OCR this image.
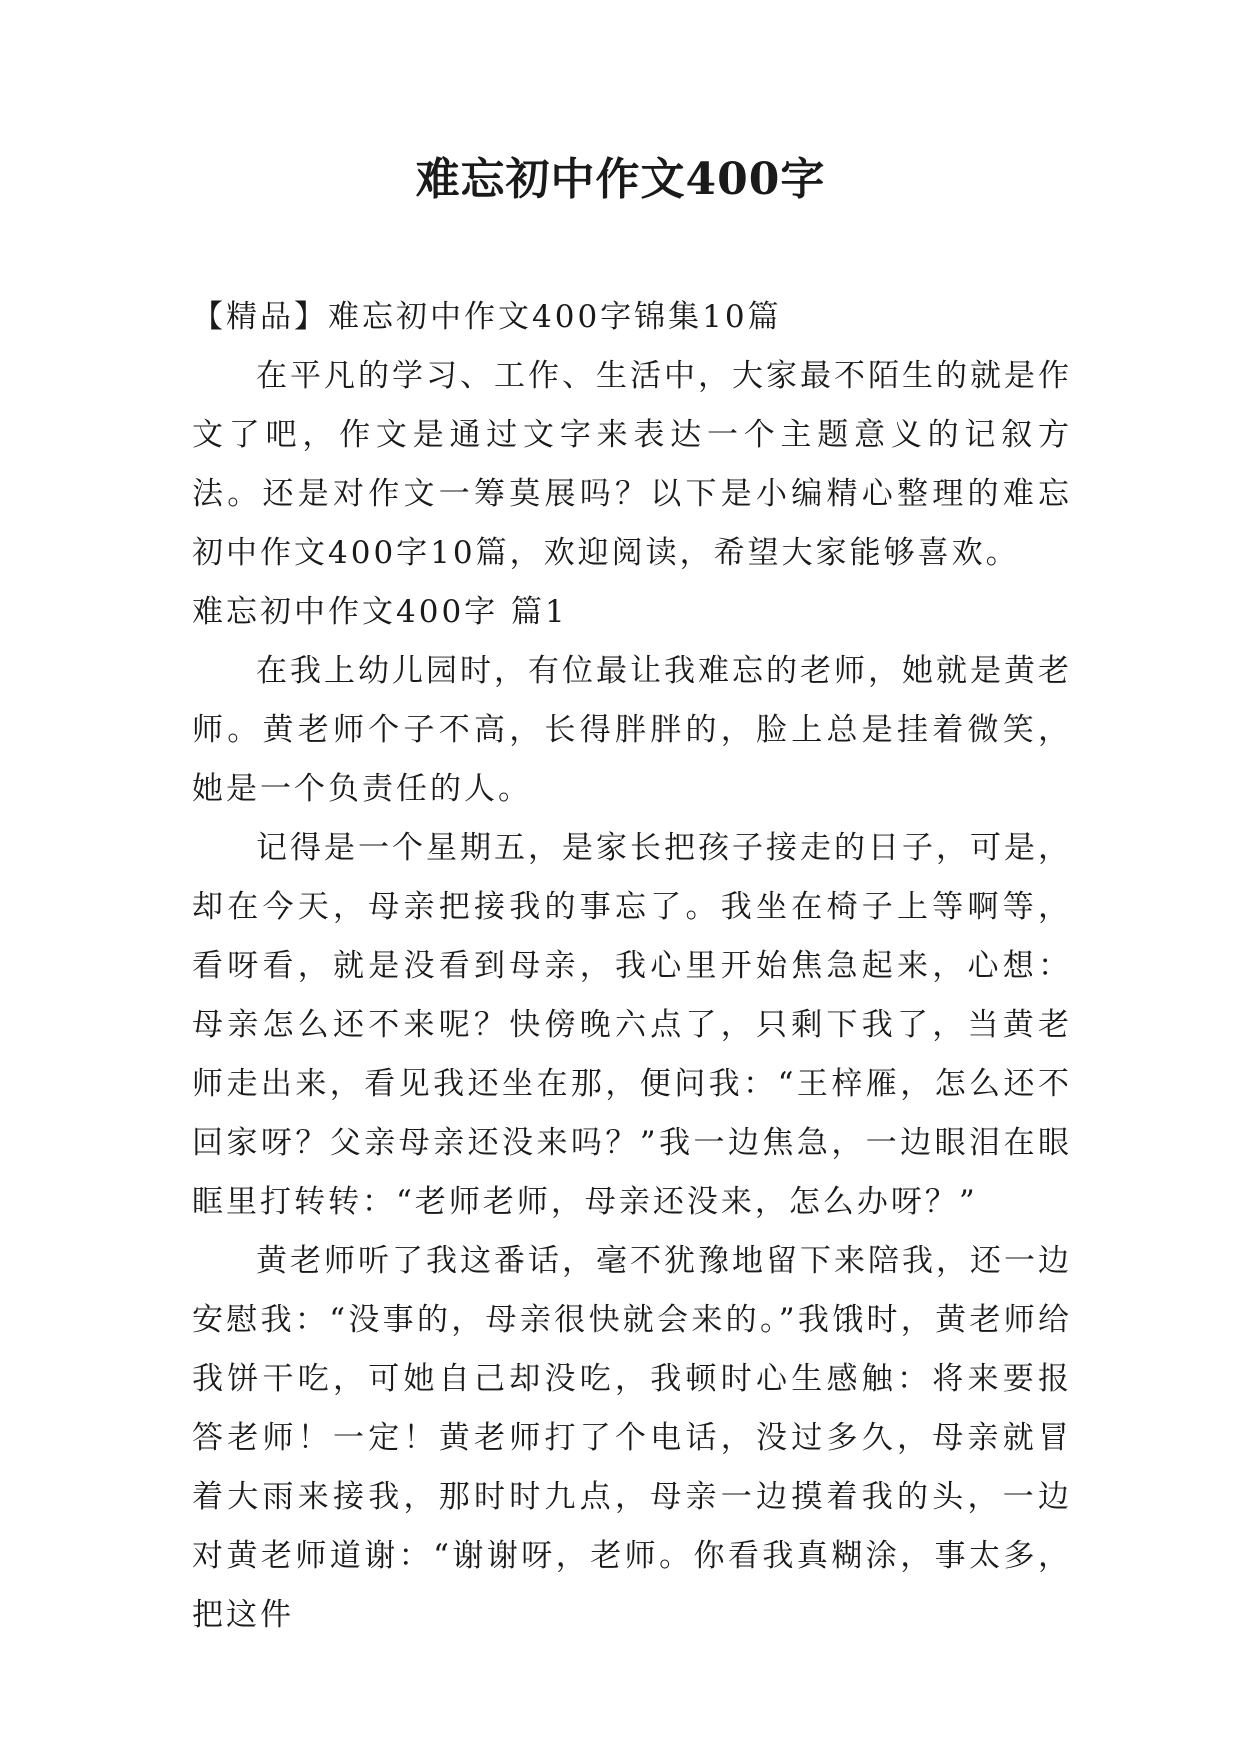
难忘初中作文400字

【精品】难忘初中作文400字锦集10篇

在平凡的学习、工作、生活中，大家最不陌生的就是作文了吧，作文是通过文字来表达一个主题意义的记叙方法。还是对作文一筹莫展吗？以下是小编精心整理的难忘初中作文400字10篇，欢迎阅读，希望大家能够喜欢。

难忘初中作文400字 篇1

在我上幼儿园时，有位最让我难忘的老师，她就是黄老师。黄老师个子不高，长得胖胖的，脸上总是挂着微笑，她是一个负责任的人。

记得是一个星期五，是家长把孩子接走的日子，可是，却在今天，母亲把接我的事忘了。我坐在椅子上等啊等，看呀看，就是没看到母亲，我心里开始焦急起来，心想：母亲怎么还不来呢？快傍晚六点了，只剩下我了，当黄老师走出来，看见我还坐在那，便问我：“王梓雁，怎么还不回家呀？父亲母亲还没来吗？”我一边焦急，一边眼泪在眼眶里打转转：“老师老师，母亲还没来，怎么办呀？”

黄老师听了我这番话，毫不犹豫地留下来陪我，还一边安慰我：“没事的，母亲很快就会来的。”我饿时，黄老师给我饼干吃，可她自己却没吃，我顿时心生感触：将来要报答老师！一定！黄老师打了个电话，没过多久，母亲就冒着大雨来接我，那时时九点，母亲一边摸着我的头，一边对黄老师道谢：“谢谢呀，老师。你看我真糊涂，事太多，把这件
